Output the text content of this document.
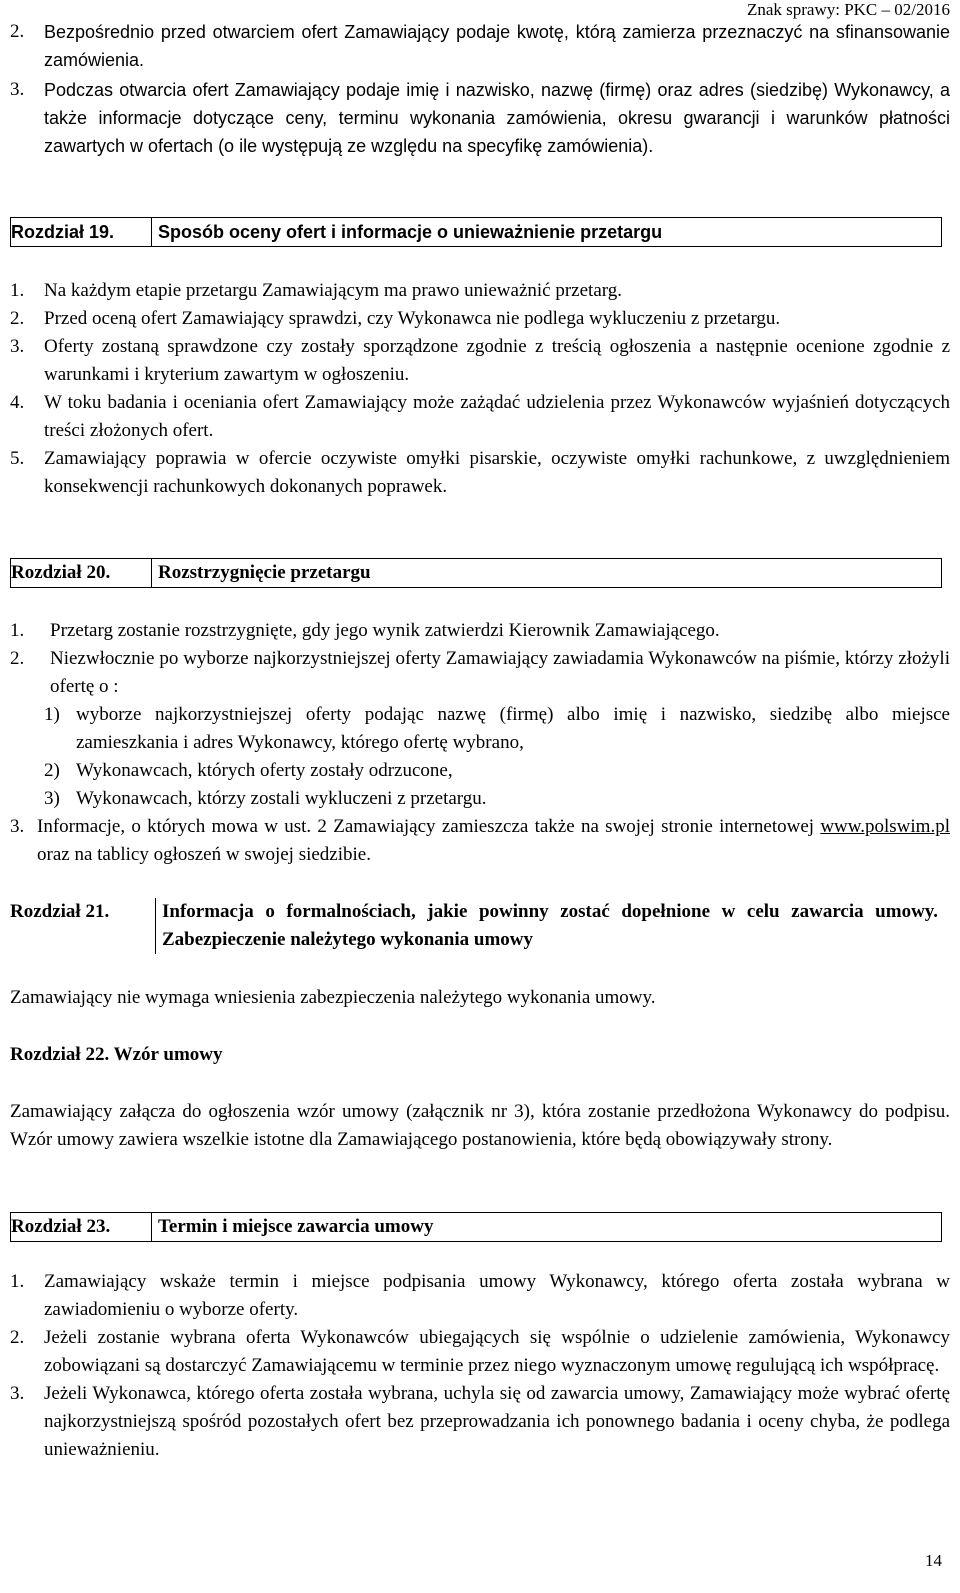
Znak sprawy: PKC – 02/2016
2. Bezpośrednio przed otwarciem ofert Zamawiający podaje kwotę, którą zamierza przeznaczyć na sfinansowanie zamówienia.
3. Podczas otwarcia ofert Zamawiający podaje imię i nazwisko, nazwę (firmę) oraz adres (siedzibę) Wykonawcy, a także informacje dotyczące ceny, terminu wykonania zamówienia, okresu gwarancji i warunków płatności zawartych w ofertach (o ile występują ze względu na specyfikę zamówienia).
Rozdział 19.	Sposób oceny ofert i informacje o unieważnienie przetargu
1. Na każdym etapie przetargu Zamawiającym ma prawo unieważnić przetarg.
2. Przed oceną ofert Zamawiający sprawdzi, czy Wykonawca nie podlega wykluczeniu z przetargu.
3. Oferty zostaną sprawdzone czy zostały sporządzone zgodnie z treścią ogłoszenia a następnie ocenione zgodnie z warunkami i kryterium zawartym w ogłoszeniu.
4. W toku badania i oceniania ofert Zamawiający może zażądać udzielenia przez Wykonawców wyjaśnień dotyczących treści złożonych ofert.
5. Zamawiający poprawia w ofercie oczywiste omyłki pisarskie, oczywiste omyłki rachunkowe, z uwzględnieniem konsekwencji rachunkowych dokonanych poprawek.
Rozdział 20.	Rozstrzygnięcie przetargu
1. Przetarg zostanie rozstrzygnięte, gdy jego wynik zatwierdzi Kierownik Zamawiającego.
2. Niezwłocznie po wyborze najkorzystniejszej oferty Zamawiający zawiadamia Wykonawców na piśmie, którzy złożyli ofertę o :
1) wyborze najkorzystniejszej oferty podając nazwę (firmę) albo imię i nazwisko, siedzibę albo miejsce zamieszkania i adres Wykonawcy, którego ofertę wybrano,
2) Wykonawcach, których oferty zostały odrzucone,
3) Wykonawcach, którzy zostali wykluczeni z przetargu.
3. Informacje, o których mowa w ust. 2 Zamawiający zamieszcza także na swojej stronie internetowej www.polswim.pl oraz na tablicy ogłoszeń w swojej siedzibie.
Rozdział 21.	Informacja o formalnościach, jakie powinny zostać dopełnione w celu zawarcia umowy. Zabezpieczenie należytego wykonania umowy
Zamawiający nie wymaga wniesienia zabezpieczenia należytego wykonania umowy.
Rozdział 22. Wzór umowy
Zamawiający załącza do ogłoszenia wzór umowy (załącznik nr 3), która zostanie przedłożona Wykonawcy do podpisu. Wzór umowy zawiera wszelkie istotne dla Zamawiającego postanowienia, które będą obowiązywały strony.
Rozdział 23.	Termin i miejsce zawarcia umowy
1. Zamawiający wskaże termin i miejsce podpisania umowy Wykonawcy, którego oferta została wybrana w zawiadomieniu o wyborze oferty.
2. Jeżeli zostanie wybrana oferta Wykonawców ubiegających się wspólnie o udzielenie zamówienia, Wykonawcy zobowiązani są dostarczyć Zamawiającemu w terminie przez niego wyznaczonym umowę regulującą ich współpracę.
3. Jeżeli Wykonawca, którego oferta została wybrana, uchyla się od zawarcia umowy, Zamawiający może wybrać ofertę najkorzystniejszą spośród pozostałych ofert bez przeprowadzania ich ponownego badania i oceny chyba, że podlega unieważnieniu.
14
